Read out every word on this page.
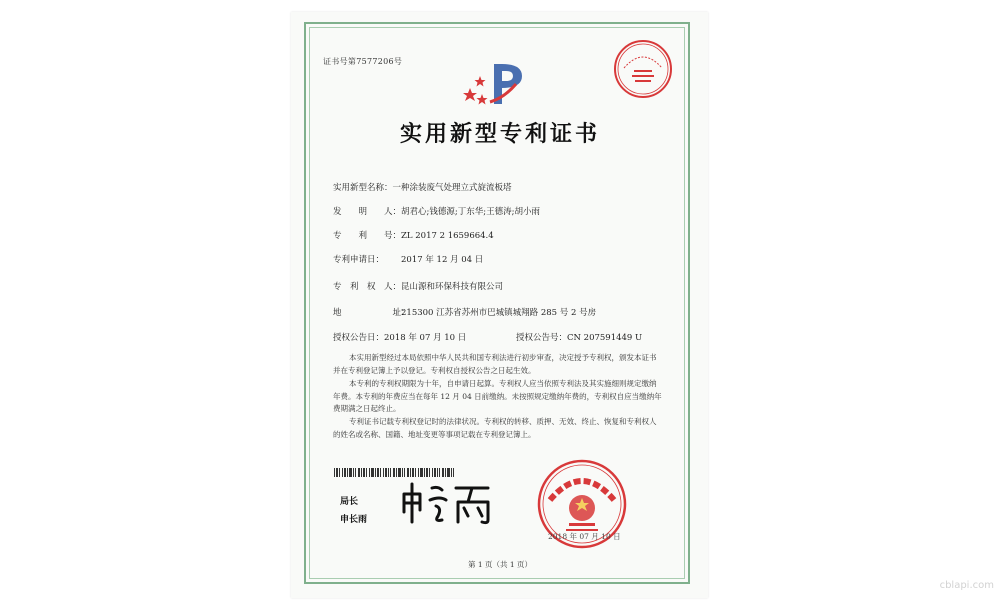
证书号第7577206号
实用新型专利证书
实用新型名称：一种涂装废气处理立式旋流板塔
发　　明　　人：胡君心;钱德源;丁东华;王德涛;胡小雨
专　　利　　号：ZL 2017 2 1659664.4
专利申请日： 2017 年 12 月 04 日
专　利　权　人：昆山源和环保科技有限公司
地　　　　　　址：215300 江苏省苏州市巴城镇城翔路 285 号 2 号房
授权公告日：2018 年 07 月 10 日	授权公告号：CN 207591449 U
本实用新型经过本局依照中华人民共和国专利法进行初步审查，决定授予专利权，颁发本证书并在专利登记簿上予以登记。专利权自授权公告之日起生效。
本专利的专利权期限为十年，自申请日起算。专利权人应当依照专利法及其实施细则规定缴纳年费。本专利的年费应当在每年 12 月 04 日前缴纳。未按照规定缴纳年费的，专利权自应当缴纳年费期满之日起终止。
专利证书记载专利权登记时的法律状况。专利权的转移、质押、无效、终止、恢复和专利权人的姓名或名称、国籍、地址变更等事项记载在专利登记簿上。
局长
申长雨
2018 年 07 月 10 日
第 1 页（共 1 页）
cblapi.com
